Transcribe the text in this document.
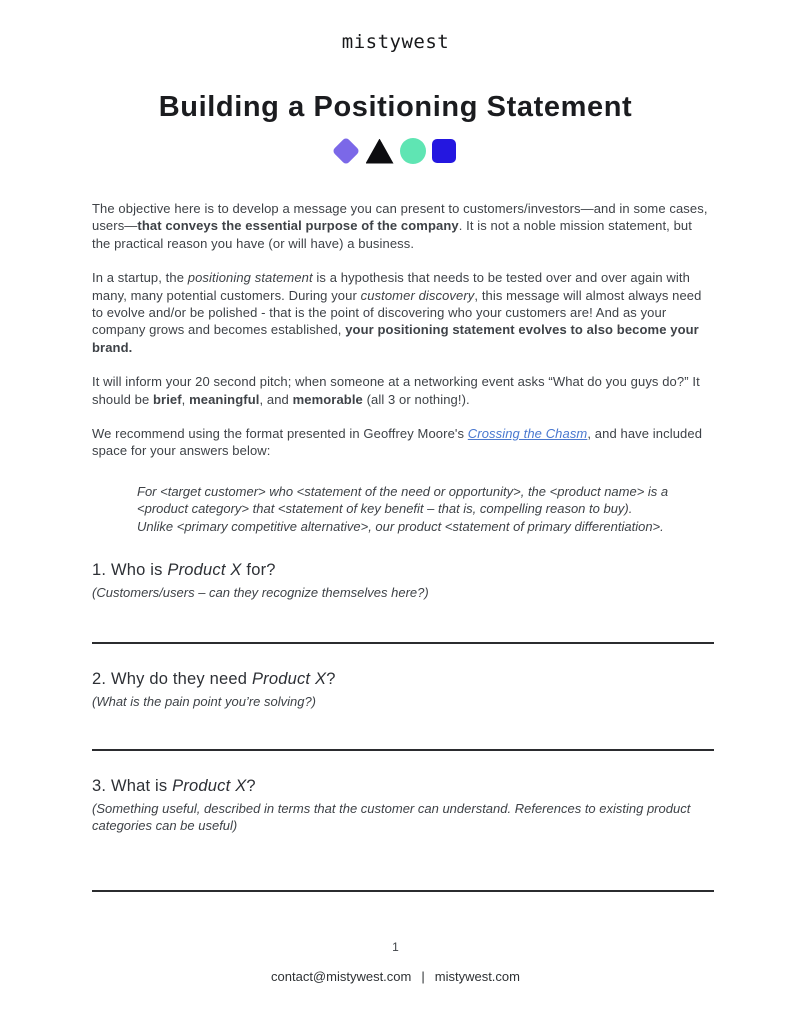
mistywest
Building a Positioning Statement

The objective here is to develop a message you can present to customers/investors—and in some cases, users—that conveys the essential purpose of the company. It is not a noble mission statement, but the practical reason you have (or will have) a business.

In a startup, the positioning statement is a hypothesis that needs to be tested over and over again with many, many potential customers. During your customer discovery, this message will almost always need to evolve and/or be polished - that is the point of discovering who your customers are! And as your company grows and becomes established, your positioning statement evolves to also become your brand.

It will inform your 20 second pitch; when someone at a networking event asks “What do you guys do?” It should be brief, meaningful, and memorable (all 3 or nothing!).

We recommend using the format presented in Geoffrey Moore's Crossing the Chasm, and have included space for your answers below:

For <target customer> who <statement of the need or opportunity>, the <product name> is a <product category> that <statement of key benefit – that is, compelling reason to buy). Unlike <primary competitive alternative>, our product <statement of primary differentiation>.
1. Who is Product X for?
(Customers/users – can they recognize themselves here?)
2. Why do they need Product X?
(What is the pain point you’re solving?)
3. What is Product X?
(Something useful, described in terms that the customer can understand. References to existing product categories can be useful)
1
contact@mistywest.com | mistywest.com
